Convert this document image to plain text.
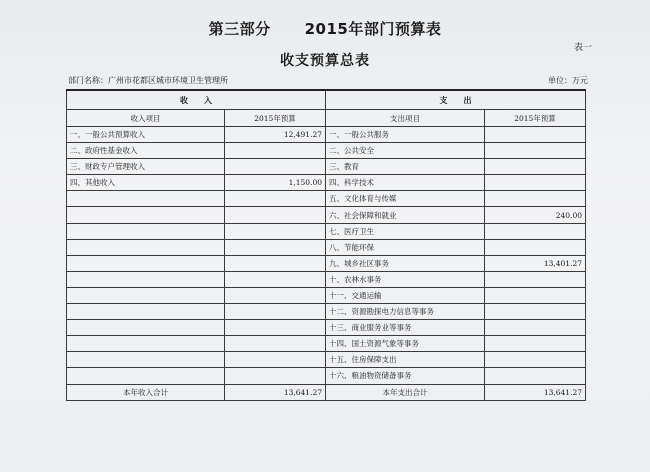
第三部分 2015年部门预算表
表一
收支预算总表
部门名称：广州市花都区城市环境卫生管理所	单位：万元
收　　入		支　　出	
收入项目	2015年预算	支出项目	2015年预算
一、一般公共预算收入	12,491.27	一、一般公共服务	
二、政府性基金收入		二、公共安全	
三、财政专户管理收入		三、教育	
四、其他收入	1,150.00	四、科学技术	
		五、文化体育与传媒	
		六、社会保障和就业	240.00
		七、医疗卫生	
		八、节能环保	
		九、城乡社区事务	13,401.27
		十、农林水事务	
		十一、交通运输	
		十二、资源勘探电力信息等事务	
		十三、商业服务业等事务	
		十四、国土资源气象等事务	
		十五、住房保障支出	
		十六、粮油物资储备事务	
本年收入合计	13,641.27	本年支出合计	13,641.27
